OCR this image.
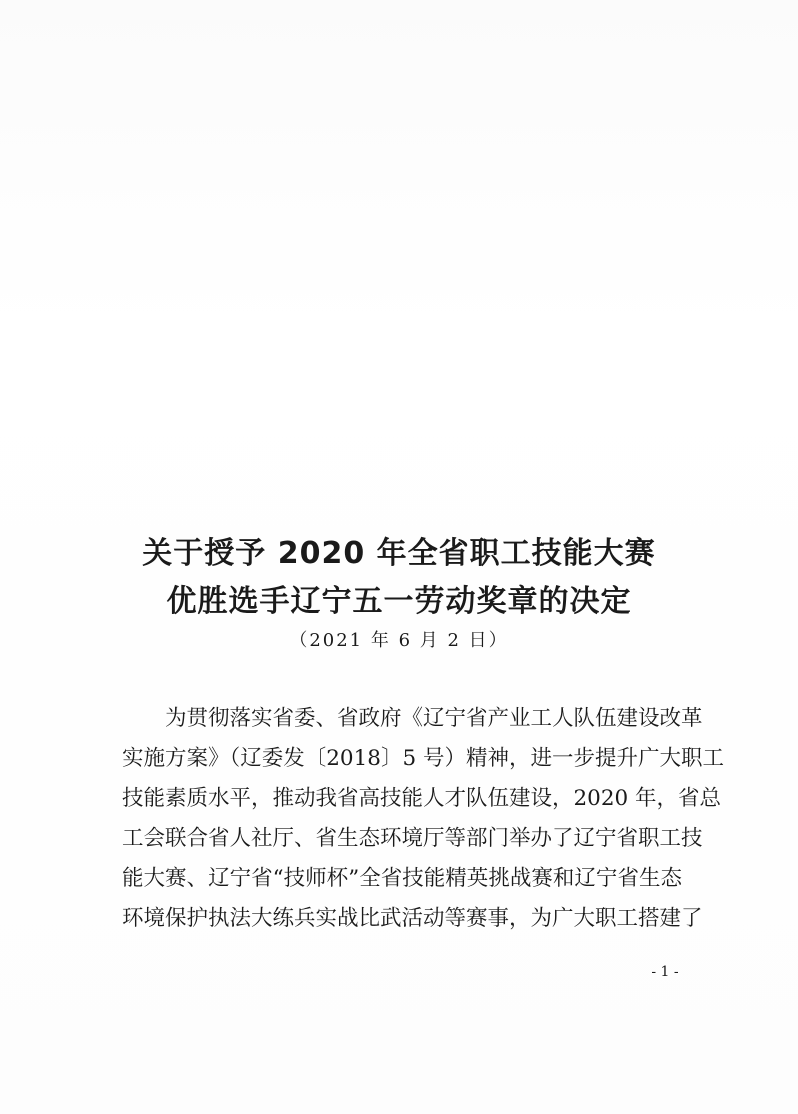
关于授予 2020 年全省职工技能大赛
优胜选手辽宁五一劳动奖章的决定
（2021 年 6 月 2 日）
为贯彻落实省委、省政府《辽宁省产业工人队伍建设改革
实施方案》（辽委发〔2018〕5 号）精神，进一步提升广大职工
技能素质水平，推动我省高技能人才队伍建设，2020 年，省总
工会联合省人社厅、省生态环境厅等部门举办了辽宁省职工技
能大赛、辽宁省“技师杯”全省技能精英挑战赛和辽宁省生态
环境保护执法大练兵实战比武活动等赛事，为广大职工搭建了
- 1 -
